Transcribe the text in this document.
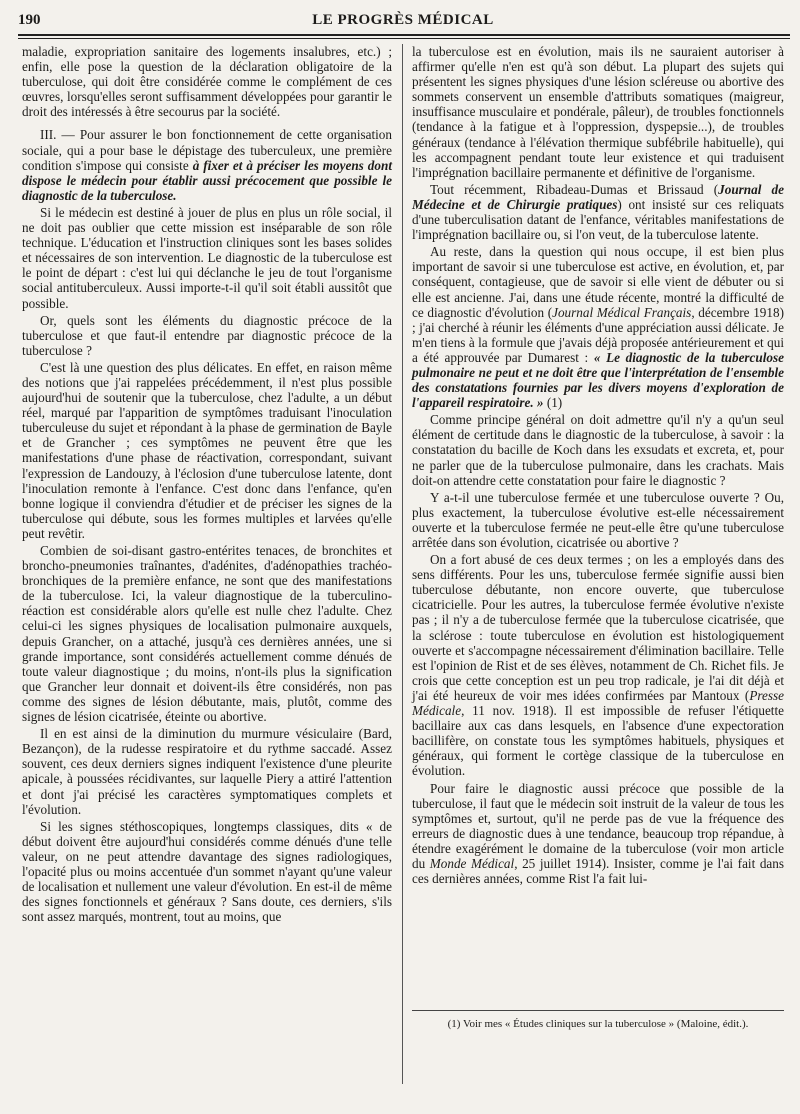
190	LE PROGRÈS MÉDICAL

maladie, expropriation sanitaire des logements insalubres, etc.) ; enfin, elle pose la question de la déclaration obligatoire de la tuberculose, qui doit être considérée comme le complément de ces œuvres, lorsqu'elles seront suffisamment développées pour garantir le droit des intéressés à être secourus par la société.

III. — Pour assurer le bon fonctionnement de cette organisation sociale, qui a pour base le dépistage des tuberculeux, une première condition s'impose qui consiste à fixer et à préciser les moyens dont dispose le médecin pour établir aussi précocement que possible le diagnostic de la tuberculose.

Si le médecin est destiné à jouer de plus en plus un rôle social, il ne doit pas oublier que cette mission est inséparable de son rôle technique. L'éducation et l'instruction cliniques sont les bases solides et nécessaires de son intervention. Le diagnostic de la tuberculose est le point de départ : c'est lui qui déclanche le jeu de tout l'organisme social antituberculeux. Aussi importe-t-il qu'il soit établi aussitôt que possible.

Or, quels sont les éléments du diagnostic précoce de la tuberculose et que faut-il entendre par diagnostic précoce de la tuberculose ?

C'est là une question des plus délicates. En effet, en raison même des notions que j'ai rappelées précédemment, il n'est plus possible aujourd'hui de soutenir que la tuberculose, chez l'adulte, a un début réel, marqué par l'apparition de symptômes traduisant l'inoculation tuberculeuse du sujet et répondant à la phase de germination de Bayle et de Grancher ; ces symptômes ne peuvent être que les manifestations d'une phase de réactivation, correspondant, suivant l'expression de Landouzy, à l'éclosion d'une tuberculose latente, dont l'inoculation remonte à l'enfance. C'est donc dans l'enfance, qu'en bonne logique il conviendra d'étudier et de préciser les signes de la tuberculose qui débute, sous les formes multiples et larvées qu'elle peut revêtir.

Combien de soi-disant gastro-entérites tenaces, de bronchites et broncho-pneumonies traînantes, d'adénites, d'adénopathies trachéo-bronchiques de la première enfance, ne sont que des manifestations de la tuberculose. Ici, la valeur diagnostique de la tuberculino-réaction est considérable alors qu'elle est nulle chez l'adulte. Chez celui-ci les signes physiques de localisation pulmonaire auxquels, depuis Grancher, on a attaché, jusqu'à ces dernières années, une si grande importance, sont considérés actuellement comme dénués de toute valeur diagnostique ; du moins, n'ont-ils plus la signification que Grancher leur donnait et doivent-ils être considérés, non pas comme des signes de lésion débutante, mais, plutôt, comme des signes de lésion cicatrisée, éteinte ou abortive.

Il en est ainsi de la diminution du murmure vésiculaire (Bard, Bezançon), de la rudesse respiratoire et du rythme saccadé. Assez souvent, ces deux derniers signes indiquent l'existence d'une pleurite apicale, à poussées récidivantes, sur laquelle Piery a attiré l'attention et dont j'ai précisé les caractères symptomatiques complets et l'évolution.

Si les signes stéthoscopiques, longtemps classiques, dits « de début doivent être aujourd'hui considérés comme dénués d'une telle valeur, on ne peut attendre davantage des signes radiologiques, l'opacité plus ou moins accentuée d'un sommet n'ayant qu'une valeur de localisation et nullement une valeur d'évolution. En est-il de même des signes fonctionnels et généraux ? Sans doute, ces derniers, s'ils sont assez marqués, montrent, tout au moins, que

la tuberculose est en évolution, mais ils ne sauraient autoriser à affirmer qu'elle n'en est qu'à son début. La plupart des sujets qui présentent les signes physiques d'une lésion scléreuse ou abortive des sommets conservent un ensemble d'attributs somatiques (maigreur, insuffisance musculaire et pondérale, pâleur), de troubles fonctionnels (tendance à la fatigue et à l'oppression, dyspepsie...), de troubles généraux (tendance à l'élévation thermique subfébrile habituelle), qui les accompagnent pendant toute leur existence et qui traduisent l'imprégnation bacillaire permanente et définitive de l'organisme.

Tout récemment, Ribadeau-Dumas et Brissaud (Journal de Médecine et de Chirurgie pratiques) ont insisté sur ces reliquats d'une tuberculisation datant de l'enfance, véritables manifestations de l'imprégnation bacillaire ou, si l'on veut, de la tuberculose latente.

Au reste, dans la question qui nous occupe, il est bien plus important de savoir si une tuberculose est active, en évolution, et, par conséquent, contagieuse, que de savoir si elle vient de débuter ou si elle est ancienne. J'ai, dans une étude récente, montré la difficulté de ce diagnostic d'évolution (Journal Médical Français, décembre 1918) ; j'ai cherché à réunir les éléments d'une appréciation aussi délicate. Je m'en tiens à la formule que j'avais déjà proposée antérieurement et qui a été approuvée par Dumarest : « Le diagnostic de la tuberculose pulmonaire ne peut et ne doit être que l'interprétation de l'ensemble des constatations fournies par les divers moyens d'exploration de l'appareil respiratoire. » (1)

Comme principe général on doit admettre qu'il n'y a qu'un seul élément de certitude dans le diagnostic de la tuberculose, à savoir : la constatation du bacille de Koch dans les exsudats et excreta, et, pour ne parler que de la tuberculose pulmonaire, dans les crachats. Mais doit-on attendre cette constatation pour faire le diagnostic ?

Y a-t-il une tuberculose fermée et une tuberculose ouverte ? Ou, plus exactement, la tuberculose évolutive est-elle nécessairement ouverte et la tuberculose fermée ne peut-elle être qu'une tuberculose arrêtée dans son évolution, cicatrisée ou abortive ?

On a fort abusé de ces deux termes ; on les a employés dans des sens différents. Pour les uns, tuberculose fermée signifie aussi bien tuberculose débutante, non encore ouverte, que tuberculose cicatricielle. Pour les autres, la tuberculose fermée évolutive n'existe pas ; il n'y a de tuberculose fermée que la tuberculose cicatrisée, que la sclérose : toute tuberculose en évolution est histologiquement ouverte et s'accompagne nécessairement d'élimination bacillaire. Telle est l'opinion de Rist et de ses élèves, notamment de Ch. Richet fils. Je crois que cette conception est un peu trop radicale, je l'ai dit déjà et j'ai été heureux de voir mes idées confirmées par Mantoux (Presse Médicale, 11 nov. 1918). Il est impossible de refuser l'étiquette bacillaire aux cas dans lesquels, en l'absence d'une expectoration bacillifère, on constate tous les symptômes habituels, physiques et généraux, qui forment le cortège classique de la tuberculose en évolution.

Pour faire le diagnostic aussi précoce que possible de la tuberculose, il faut que le médecin soit instruit de la valeur de tous les symptômes et, surtout, qu'il ne perde pas de vue la fréquence des erreurs de diagnostic dues à une tendance, beaucoup trop répandue, à étendre exagérément le domaine de la tuberculose (voir mon article du Monde Médical, 25 juillet 1914). Insister, comme je l'ai fait dans ces dernières années, comme Rist l'a fait lui-

(1) Voir mes « Études cliniques sur la tuberculose » (Maloine, édit.).
